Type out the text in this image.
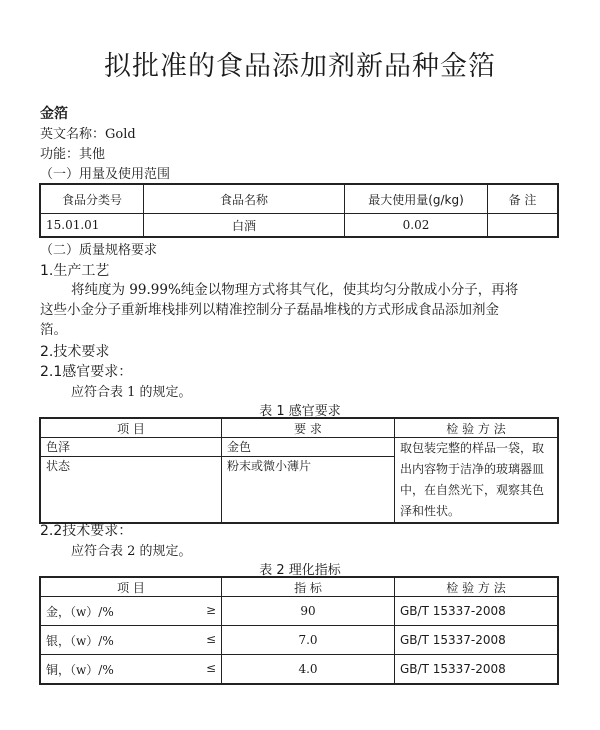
拟批准的食品添加剂新品种金箔
金箔
英文名称：Gold
功能：其他
（一）用量及使用范围
食品分类号	食品名称	最大使用量(g/kg)	备 注
15.01.01	白酒	0.02	
（二）质量规格要求
1.生产工艺
将纯度为 99.99%纯金以物理方式将其气化，使其均匀分散成小分子，再将
这些小金分子重新堆栈排列以精准控制分子磊晶堆栈的方式形成食品添加剂金
箔。
2.技术要求
2.1感官要求：
应符合表 1 的规定。
表 1 感官要求
项 目	要 求	检 验 方 法
色泽	金色	取包装完整的样品一袋，取
出内容物于洁净的玻璃器皿
中，在自然光下，观察其色
泽和性状。

状态	粉末或微小薄片	
2.2技术要求：
应符合表 2 的规定。
表 2 理化指标
项 目	指 标	检 验 方 法
金，（w）/% ≥	90	GB/T 15337-2008
银，（w）/% ≤	7.0	GB/T 15337-2008
铜，（w）/% ≤	4.0	GB/T 15337-2008
